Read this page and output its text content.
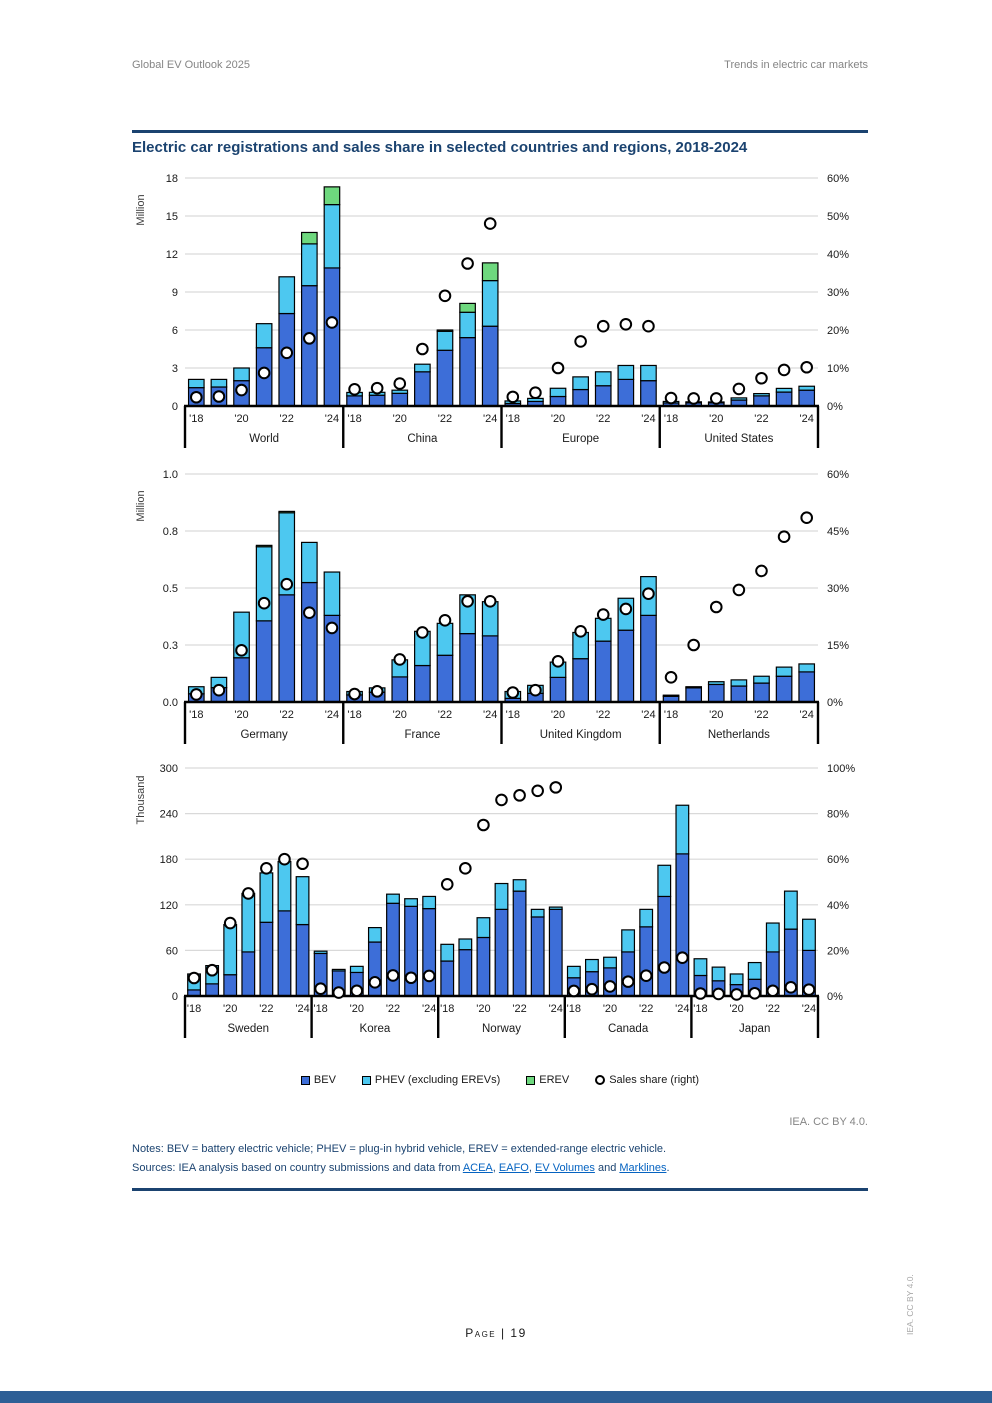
Global EV Outlook 2025	Trends in electric car markets
Electric car registrations and sales share in selected countries and regions, 2018-2024
0
3
6
9
12
15
18
0%
10%
20%
30%
40%
50%
60%
Million
'18	'20	'22	'24
World
'18	'20	'22	'24
China
'18	'20	'22	'24
Europe
'18	'20	'22	'24
United States
0.0
0.3
0.5
0.8
1.0
0%
15%
30%
45%
60%
Million
'18	'20	'22	'24
Germany
'18	'20	'22	'24
France
'18	'20	'22	'24
United Kingdom
'18	'20	'22	'24
Netherlands
0
60
120
180
240
300
0%
20%
40%
60%
80%
100%
Thousand
'18 '20 '22 '24
Sweden
'18 '20 '22 '24
Korea
'18 '20 '22 '24
Norway
'18 '20 '22 '24
Canada
'18 '20 '22 '24
Japan
BEV	PHEV (excluding EREVs)	EREV	Sales share (right)
IEA. CC BY 4.0.
Notes: BEV = battery electric vehicle; PHEV = plug-in hybrid vehicle, EREV = extended-range electric vehicle.
Sources: IEA analysis based on country submissions and data from ACEA, EAFO, EV Volumes and Marklines.
IEA. CC BY 4.0.
Page | 19
